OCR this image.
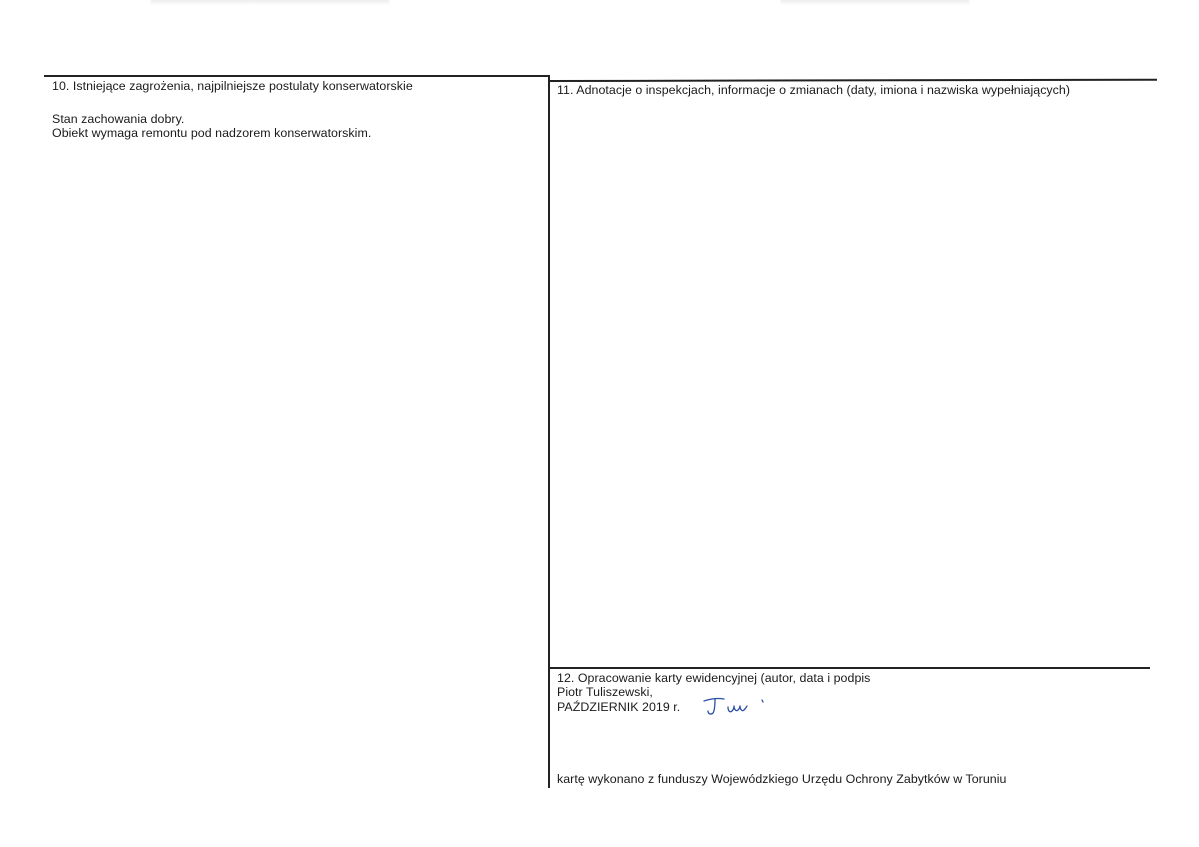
10. Istniejące zagrożenia, najpilniejsze postulaty konserwatorskie
Stan zachowania dobry.
Obiekt wymaga remontu pod nadzorem konserwatorskim.
11. Adnotacje o inspekcjach, informacje o zmianach (daty, imiona i nazwiska wypełniających)
12. Opracowanie karty ewidencyjnej (autor, data i podpis
Piotr Tuliszewski,
PAŹDZIERNIK 2019 r.
kartę wykonano z funduszy Wojewódzkiego Urzędu Ochrony Zabytków w Toruniu
